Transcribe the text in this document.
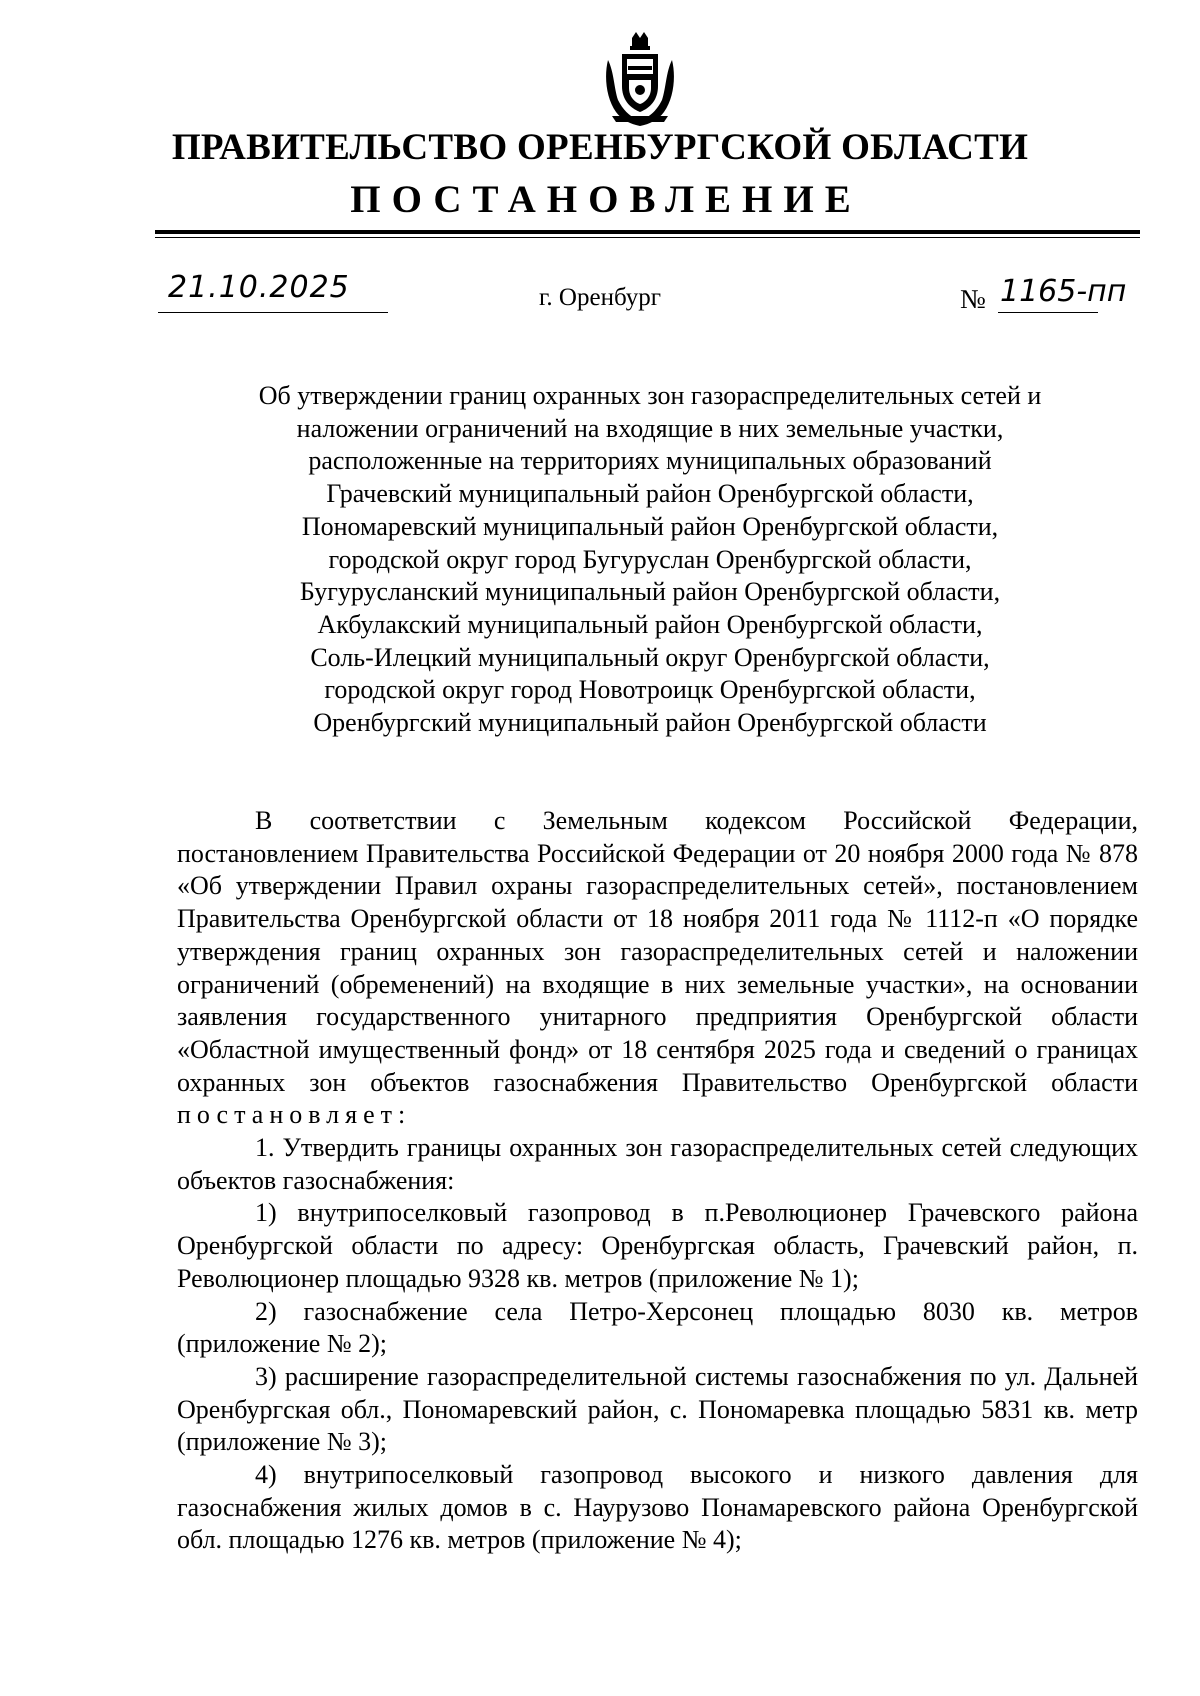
ПРАВИТЕЛЬСТВО ОРЕНБУРГСКОЙ ОБЛАСТИ
ПОСТАНОВЛЕНИЕ
21.10.2025	г. Оренбург	№ 1165-пп
Об утверждении границ охранных зон газораспределительных сетей и
наложении ограничений на входящие в них земельные участки,
расположенные на территориях муниципальных образований
Грачевский муниципальный район Оренбургской области,
Пономаревский муниципальный район Оренбургской области,
городской округ город Бугуруслан Оренбургской области,
Бугурусланский муниципальный район Оренбургской области,
Акбулакский муниципальный район Оренбургской области,
Соль-Илецкий муниципальный округ Оренбургской области,
городской округ город Новотроицк Оренбургской области,
Оренбургский муниципальный район Оренбургской области

В соответствии с Земельным кодексом Российской Федерации, постановлением Правительства Российской Федерации от 20 ноября 2000 года № 878 «Об утверждении Правил охраны газораспределительных сетей», постановлением Правительства Оренбургской области от 18 ноября 2011 года № 1112-п «О порядке утверждения границ охранных зон газораспределительных сетей и наложении ограничений (обременений) на входящие в них земельные участки», на основании заявления государственного унитарного предприятия Оренбургской области «Областной имущественный фонд» от 18 сентября 2025 года и сведений о границах охранных зон объектов газоснабжения Правительство Оренбургской области постановляет:

1. Утвердить границы охранных зон газораспределительных сетей следующих объектов газоснабжения:

1) внутрипоселковый газопровод в п.Революционер Грачевского района Оренбургской области по адресу: Оренбургская область, Грачевский район, п. Революционер площадью 9328 кв. метров (приложение № 1);

2) газоснабжение села Петро-Херсонец площадью 8030 кв. метров (приложение № 2);

3) расширение газораспределительной системы газоснабжения по ул. Дальней Оренбургская обл., Пономаревский район, с. Пономаревка площадью 5831 кв. метр (приложение № 3);

4) внутрипоселковый газопровод высокого и низкого давления для газоснабжения жилых домов в с. Наурузово Понамаревского района Оренбургской обл. площадью 1276 кв. метров (приложение № 4);
